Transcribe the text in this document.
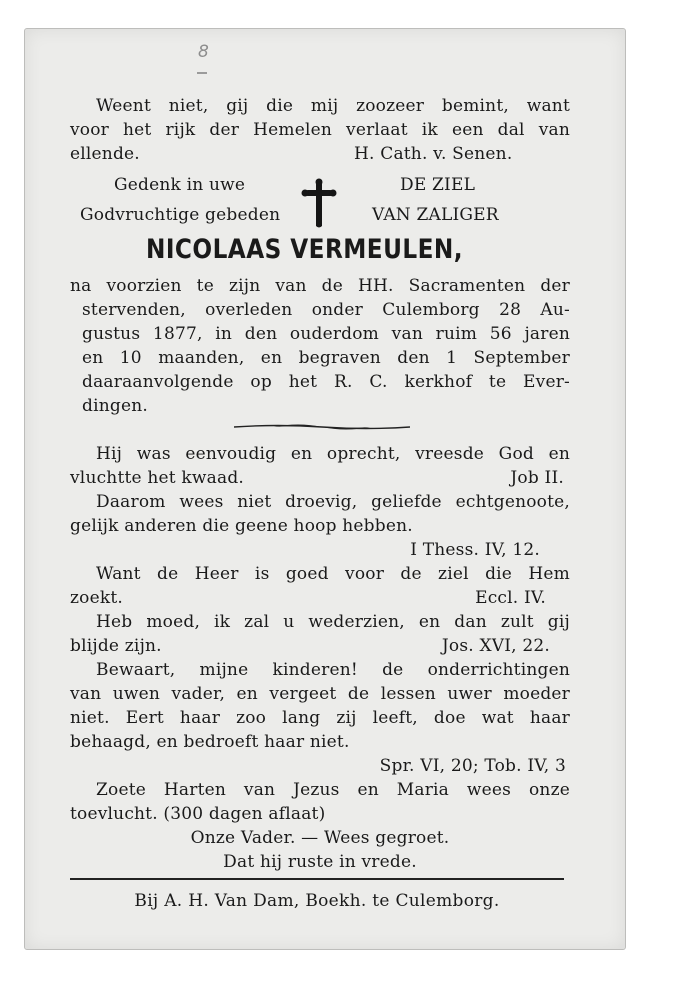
8
Weent niet, gij die mij zoozeer bemint, want
voor het rijk der Hemelen verlaat ik een dal van
ellende.	H. Cath. v. Senen.
Gedenk in uwe
Godvruchtige gebeden
DE ZIEL
VAN ZALIGER
NICOLAAS VERMEULEN,
na voorzien te zijn van de HH. Sacramenten der
stervenden, overleden onder Culemborg 28 Au-
gustus 1877, in den ouderdom van ruim 56 jaren
en 10 maanden, en begraven den 1 September
daaraanvolgende op het R. C. kerkhof te Ever-
dingen.
Hij was eenvoudig en oprecht, vreesde God en
vluchtte het kwaad.	Job II.
Daarom wees niet droevig, geliefde echtgenoote,
gelijk anderen die geene hoop hebben.
I Thess. IV, 12.
Want de Heer is goed voor de ziel die Hem
zoekt.	Eccl. IV.
Heb moed, ik zal u wederzien, en dan zult gij
blijde zijn.	Jos. XVI, 22.
Bewaart, mijne kinderen! de onderrichtingen
van uwen vader, en vergeet de lessen uwer moeder
niet. Eert haar zoo lang zij leeft, doe wat haar
behaagd, en bedroeft haar niet.
Spr. VI, 20; Tob. IV, 3
Zoete Harten van Jezus en Maria wees onze
toevlucht. (300 dagen aflaat)
Onze Vader. — Wees gegroet.
Dat hij ruste in vrede.
Bij A. H. Van Dam, Boekh. te Culemborg.
